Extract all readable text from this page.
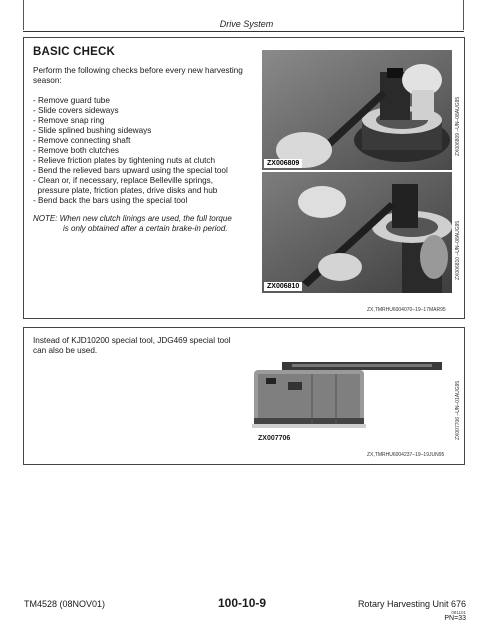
Drive System
BASIC CHECK
Perform the following checks before every new harvesting season:
- Remove guard tube
- Slide covers sideways
- Remove snap ring
- Slide splined bushing sideways
- Remove connecting shaft
- Remove both clutches
- Relieve friction plates by tightening nuts at clutch
- Bend the relieved bars upward using the special tool
- Clean or, if necessary, replace Belleville springs,
pressure plate, friction plates, drive disks and hub
- Bend back the bars using the special tool
NOTE: When new clutch linings are used, the full torque
is only obtained after a certain brake-in period.
ZX006809
ZX006809 –UN–08AUG95
ZX006810
ZX006810 –UN–08AUG95
ZX,TMRHU6004070–19–17MAR95
Instead of KJD10200 special tool, JDG469 special tool can also be used.
ZX007706	ZX007706 –UN–01AUG95
ZX,TMRHU6004237–19–19JUN95
TM4528 (08NOV01)	100-10-9	Rotary Harvesting Unit 676
081101
PN=33
